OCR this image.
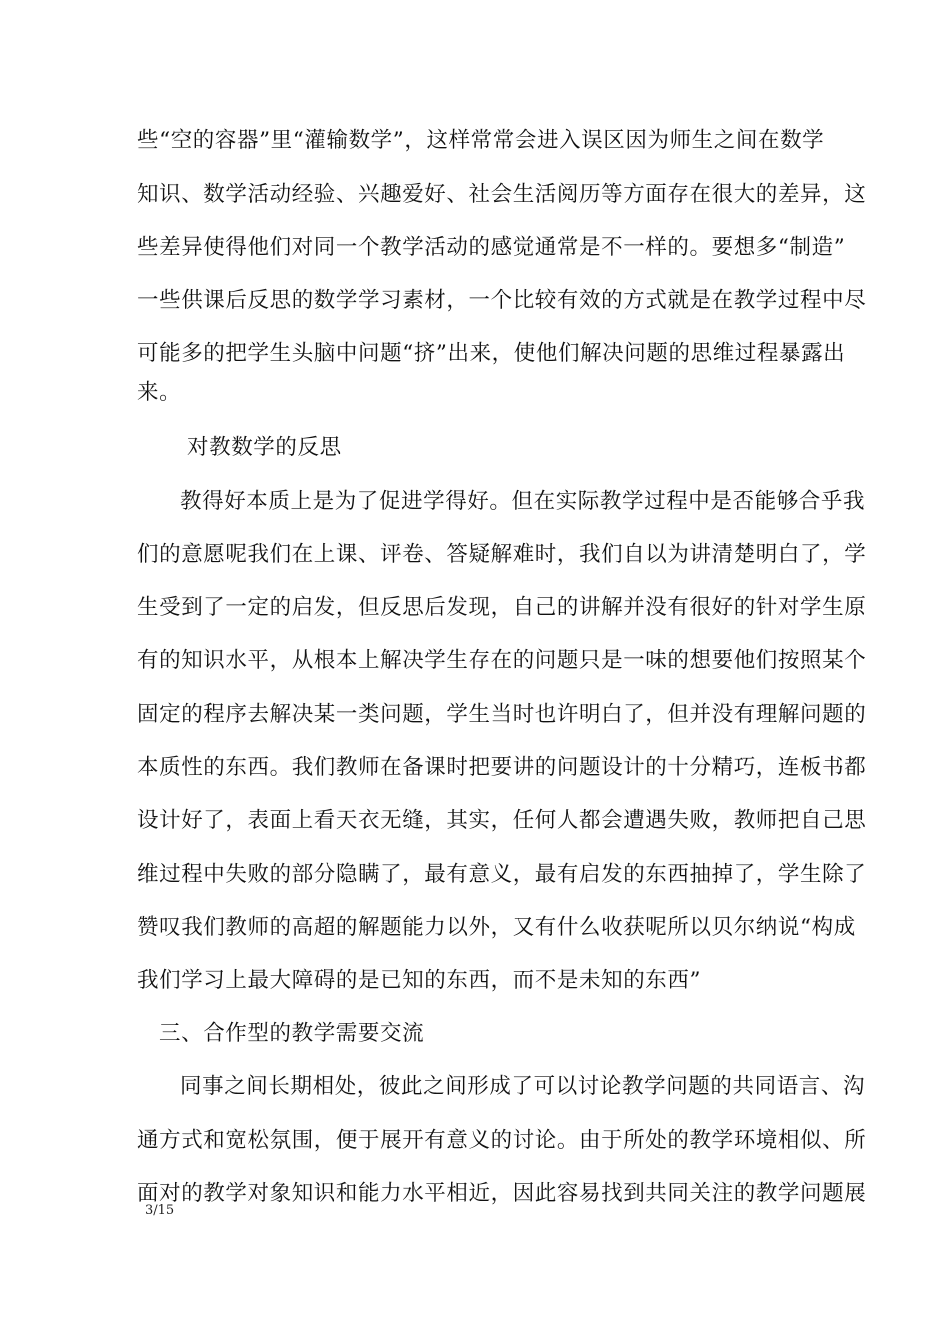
些“空的容器”里“灌输数学”，这样常常会进入误区因为师生之间在数学
知识、数学活动经验、兴趣爱好、社会生活阅历等方面存在很大的差异，这
些差异使得他们对同一个教学活动的感觉通常是不一样的。要想多“制造”
一些供课后反思的数学学习素材，一个比较有效的方式就是在教学过程中尽
可能多的把学生头脑中问题“挤”出来，使他们解决问题的思维过程暴露出
来。
对教数学的反思
教得好本质上是为了促进学得好。但在实际教学过程中是否能够合乎我
们的意愿呢我们在上课、评卷、答疑解难时，我们自以为讲清楚明白了，学
生受到了一定的启发，但反思后发现，自己的讲解并没有很好的针对学生原
有的知识水平，从根本上解决学生存在的问题只是一味的想要他们按照某个
固定的程序去解决某一类问题，学生当时也许明白了，但并没有理解问题的
本质性的东西。我们教师在备课时把要讲的问题设计的十分精巧，连板书都
设计好了，表面上看天衣无缝，其实，任何人都会遭遇失败，教师把自己思
维过程中失败的部分隐瞒了，最有意义，最有启发的东西抽掉了，学生除了
赞叹我们教师的高超的解题能力以外，又有什么收获呢所以贝尔纳说“构成
我们学习上最大障碍的是已知的东西，而不是未知的东西”
三、合作型的教学需要交流
同事之间长期相处，彼此之间形成了可以讨论教学问题的共同语言、沟
通方式和宽松氛围，便于展开有意义的讨论。由于所处的教学环境相似、所
面对的教学对象知识和能力水平相近，因此容易找到共同关注的教学问题展
3/15
